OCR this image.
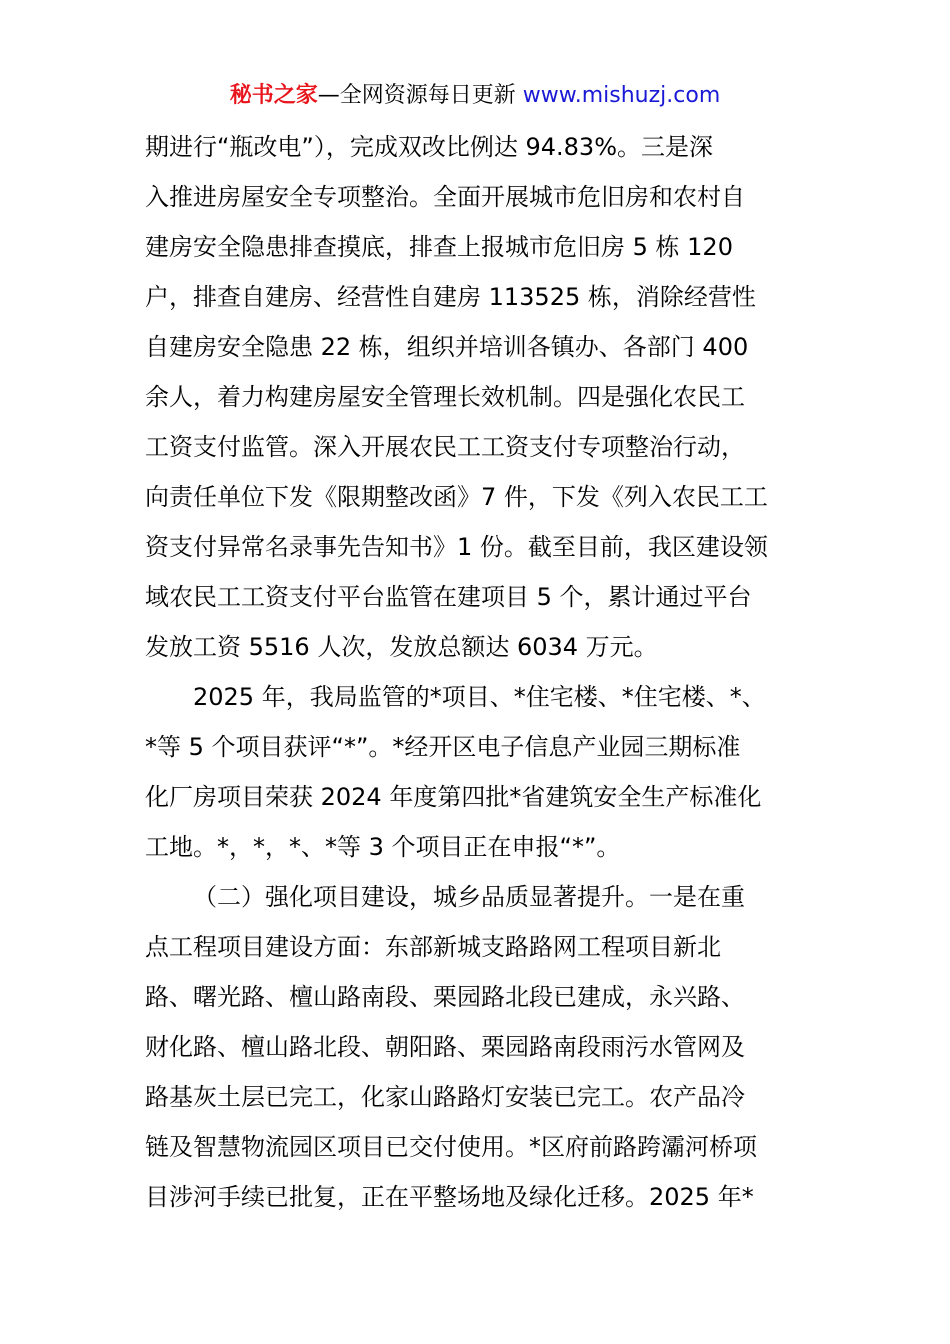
秘书之家—全网资源每日更新 www.mishuzj.com
期进行“瓶改电”），完成双改比例达 94.83%。三是深
入推进房屋安全专项整治。全面开展城市危旧房和农村自
建房安全隐患排查摸底，排查上报城市危旧房 5 栋 120
户，排查自建房、经营性自建房 113525 栋，消除经营性
自建房安全隐患 22 栋，组织并培训各镇办、各部门 400
余人，着力构建房屋安全管理长效机制。四是强化农民工
工资支付监管。深入开展农民工工资支付专项整治行动，
向责任单位下发《限期整改函》7 件，下发《列入农民工工
资支付异常名录事先告知书》1 份。截至目前，我区建设领
域农民工工资支付平台监管在建项目 5 个，累计通过平台
发放工资 5516 人次，发放总额达 6034 万元。
2025 年，我局监管的*项目、*住宅楼、*住宅楼、*、
*等 5 个项目获评“*”。*经开区电子信息产业园三期标准
化厂房项目荣获 2024 年度第四批*省建筑安全生产标准化
工地。*，*，*、*等 3 个项目正在申报“*”。
（二）强化项目建设，城乡品质显著提升。一是在重
点工程项目建设方面：东部新城支路路网工程项目新北
路、曙光路、檀山路南段、栗园路北段已建成，永兴路、
财化路、檀山路北段、朝阳路、栗园路南段雨污水管网及
路基灰土层已完工，化家山路路灯安装已完工。农产品冷
链及智慧物流园区项目已交付使用。*区府前路跨灞河桥项
目涉河手续已批复，正在平整场地及绿化迁移。2025 年*
